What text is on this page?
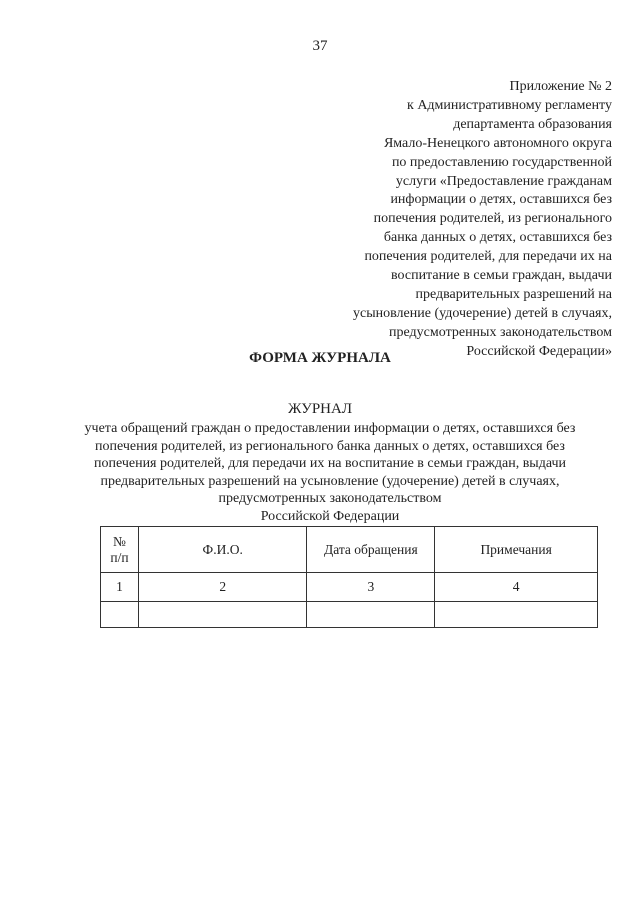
37
Приложение № 2
к Административному регламенту
департамента образования
Ямало-Ненецкого автономного округа
по предоставлению государственной
услуги «Предоставление гражданам
информации о детях, оставшихся без
попечения родителей, из регионального
банка данных о детях, оставшихся без
попечения родителей, для передачи их на
воспитание в семьи граждан, выдачи
предварительных разрешений на
усыновление (удочерение) детей в случаях,
предусмотренных законодательством
Российской Федерации»
ФОРМА ЖУРНАЛА
ЖУРНАЛ
учета обращений граждан о предоставлении информации о детях, оставшихся без
попечения родителей, из регионального банка данных о детях, оставшихся без
попечения родителей, для передачи их на воспитание в семьи граждан, выдачи
предварительных разрешений на усыновление (удочерение) детей в случаях,
предусмотренных законодательством
Российской Федерации
№
п/п	Ф.И.О.	Дата обращения	Примечания
1	2	3	4
